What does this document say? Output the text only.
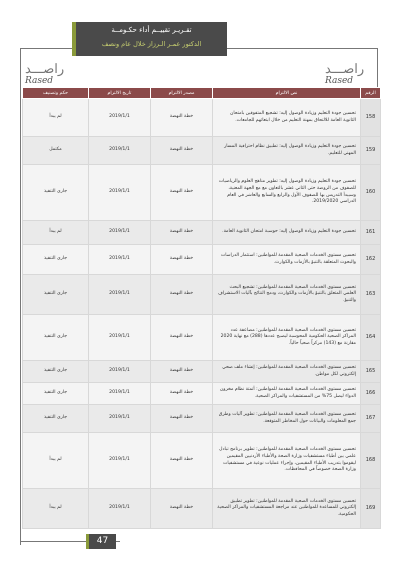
تقـريـر تقييــم أداء حكـومــة
الدكتور عمـر الـرزاز خلال عام ونصف
راصـــد
Rased
راصـــد
Rased
الرقم	نص الالتزام	مصدر الالتزام	تاريخ الالتزام	حكم وتصنيف
158	تحسين جودة التعليم وزيادة الوصول إليه: تشجيع المتفوقين بامتحان الثانوية العامة للالتحاق بمهنة التعليم من خلال ابتعاثهم للجامعات.	خطة النهضة	2019/1/1	لم يبدأ
159	تحسين جودة التعليم وزيادة الوصول إليه: تطبيق نظام احترافية المسار المهني للتعليم.	خطة النهضة	2019/1/1	مكتمل
160	تحسين جودة التعليم وزيادة الوصول إليه: تطوير مناهج العلوم والرياضيات للصفوف من الروضة حتى الثاني عشر بالتعاون مع مع الجهة المعنية، وسيبدأ التدريس بها للصفوف الأول والرابع والسابع والعاشر في العام الدراسي 2019/2020.	خطة النهضة	2019/1/1	جاري التنفيذ
161	تحسين جودة التعليم وزيادة الوصول إليه: حوسبة امتحان الثانوية العامة.	خطة النهضة	2019/1/1	لم يبدأ
162	تحسين مستوى الخدمات الصحية المقدمة للمواطنين: استثمار الدراسات والبحوث المتعلقة بالتنبؤ بالأزمات والكوارث.	خطة النهضة	2019/1/1	جاري التنفيذ
163	تحسين مستوى الخدمات الصحية المقدمة للمواطنين: تشجيع البحث العلمي المتعلق بالتنبؤ بالأزمات والكوارث، ودمج النتائج بآليات الاستشراف والتنبؤ.	خطة النهضة	2019/1/1	جاري التنفيذ
164	تحسين مستوى الخدمات الصحية المقدمة للمواطنين: مضاعفة عدد المراكز الصحية الحكومية المحوسبة ليصبح عددها (288) مع نهاية 2020 مقارنة مع (143) مركزاً صحياً حالياً.	خطة النهضة	2019/1/1	جاري التنفيذ
165	تحسين مستوى الخدمات الصحية المقدمة للمواطنين: إنشاء ملف صحي إلكتروني لكل مواطن.	خطة النهضة	2019/1/1	جاري التنفيذ
166	تحسين مستوى الخدمات الصحية المقدمة للمواطنين: أتمتة نظام مخزون الدواء ليصل 75% من المستشفيات والمراكز الصحية.	خطة النهضة	2019/1/1	جاري التنفيذ
167	تحسين مستوى الخدمات الصحية المقدمة للمواطنين: تطوير آليات وطرق جمع المعلومات والبيانات حول المخاطر المتوقعة.	خطة النهضة	2019/1/1	جاري التنفيذ
168	تحسين مستوى الخدمات الصحية المقدمة للمواطنين: تطوير برنامج تبادل علمي بين أطباء مستشفيات وزارة الصحة والأطباء الأردنيين المقيمين ليقوموا بتدريب الأطباء المقيمين، وإجراء عمليات نوعية في مستشفيات وزارة الصحة خصوصاً في المحافظات.	خطة النهضة	2019/1/1	لم يبدأ
169	تحسين مستوى الخدمات الصحية المقدمة للمواطنين: تطوير تطبيق إلكتروني للمساعدة للمواطنين عند مراجعة المستشفيات والمراكز الصحية الحكومية.	خطة النهضة	2019/1/1	لم يبدأ
47
